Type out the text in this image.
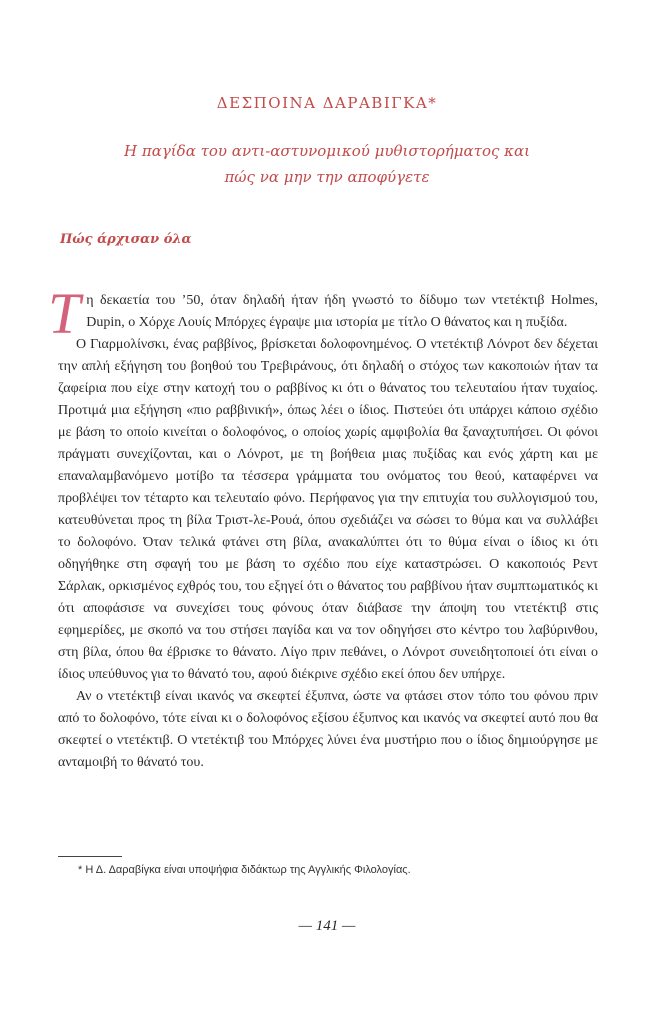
ΔΕΣΠΟΙΝΑ ΔΑΡΑΒΙΓΚΑ*
Η παγίδα του αντι-αστυνομικού μυθιστορήματος και
πώς να μην την αποφύγετε
Πώς άρχισαν όλα

Τη δεκαετία του ’50, όταν δηλαδή ήταν ήδη γνωστό το δίδυμο των ντετέκτιβ Holmes, Dupin, ο Χόρχε Λουίς Μπόρχες έγραψε μια ιστορία με τίτλο Ο θάνατος και η πυξίδα.

Ο Γιαρμολίνσκι, ένας ραββίνος, βρίσκεται δολοφονημένος. Ο ντετέκτιβ Λόνροτ δεν δέχεται την απλή εξήγηση του βοηθού του Τρεβιράνους, ότι δηλαδή ο στόχος των κακοποιών ήταν τα ζαφείρια που είχε στην κατοχή του ο ραββίνος κι ότι ο θάνατος του τελευταίου ήταν τυχαίος. Προτιμά μια εξήγηση «πιο ραββινική», όπως λέει ο ίδιος. Πιστεύει ότι υπάρχει κάποιο σχέδιο με βάση το οποίο κινείται ο δολοφόνος, ο οποίος χωρίς αμφιβολία θα ξαναχτυπήσει. Οι φόνοι πράγματι συνεχίζονται, και ο Λόνροτ, με τη βοήθεια μιας πυξίδας και ενός χάρτη και με επαναλαμβανόμενο μοτίβο τα τέσσερα γράμματα του ονόματος του θεού, καταφέρνει να προβλέψει τον τέταρτο και τελευταίο φόνο. Περήφανος για την επιτυχία του συλλογισμού του, κατευθύνεται προς τη βίλα Τριστ-λε-Ρουά, όπου σχεδιάζει να σώσει το θύμα και να συλλάβει το δολοφόνο. Όταν τελικά φτάνει στη βίλα, ανακαλύπτει ότι το θύμα είναι ο ίδιος κι ότι οδηγήθηκε στη σφαγή του με βάση το σχέδιο που είχε καταστρώσει. Ο κακοποιός Ρεντ Σάρλακ, ορκισμένος εχθρός του, του εξηγεί ότι ο θάνατος του ραββίνου ήταν συμπτωματικός κι ότι αποφάσισε να συνεχίσει τους φόνους όταν διάβασε την άποψη του ντετέκτιβ στις εφημερίδες, με σκοπό να του στήσει παγίδα και να τον οδηγήσει στο κέντρο του λαβύρινθου, στη βίλα, όπου θα έβρισκε το θάνατο. Λίγο πριν πεθάνει, ο Λόνροτ συνειδητοποιεί ότι είναι ο ίδιος υπεύθυνος για το θάνατό του, αφού διέκρινε σχέδιο εκεί όπου δεν υπήρχε.

Αν ο ντετέκτιβ είναι ικανός να σκεφτεί έξυπνα, ώστε να φτάσει στον τόπο του φόνου πριν από το δολοφόνο, τότε είναι κι ο δολοφόνος εξίσου έξυπνος και ικανός να σκεφτεί αυτό που θα σκεφτεί ο ντετέκτιβ. Ο ντετέκτιβ του Μπόρχες λύνει ένα μυστήριο που ο ίδιος δημιούργησε με ανταμοιβή το θάνατό του.

* Η Δ. Δαραβίγκα είναι υποψήφια διδάκτωρ της Αγγλικής Φιλολογίας.
— 141 —
